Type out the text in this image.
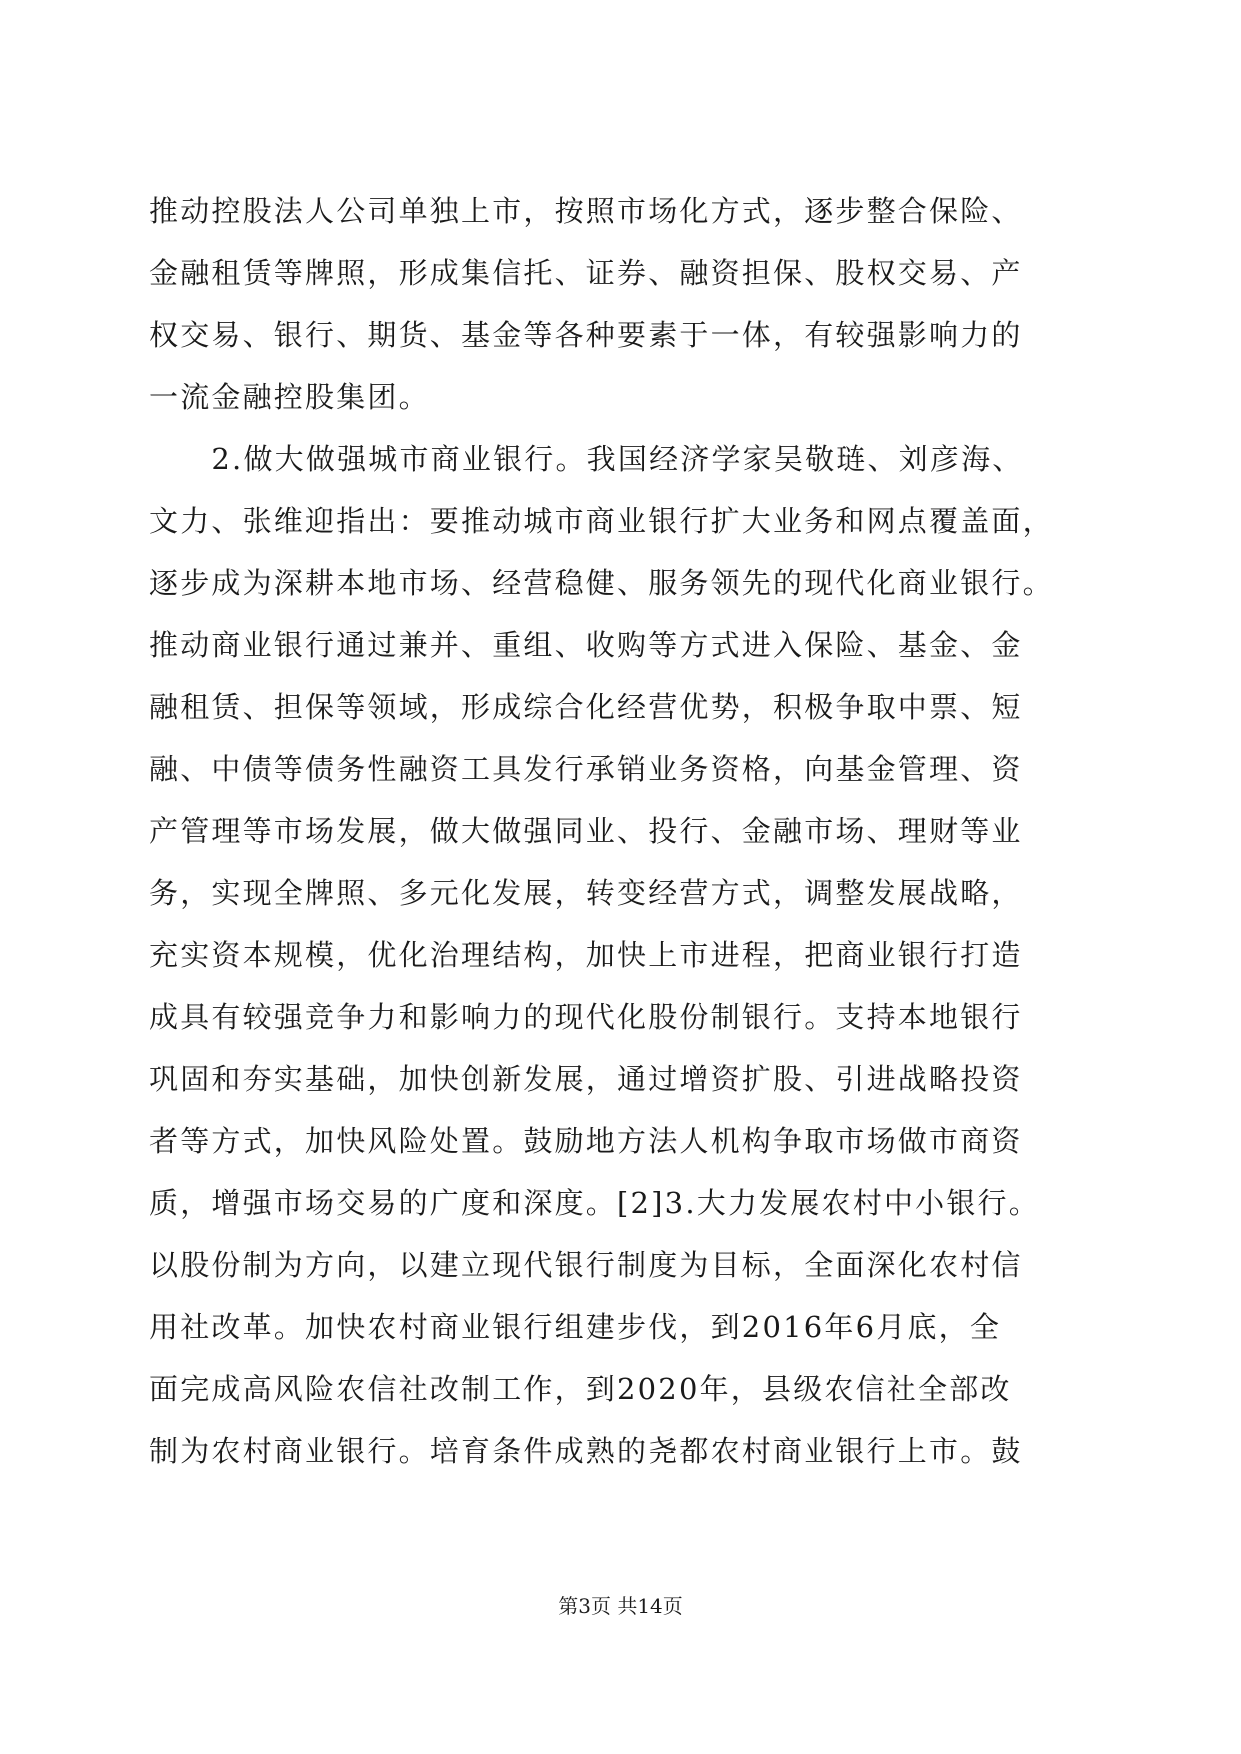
推动控股法人公司单独上市，按照市场化方式，逐步整合保险、
金融租赁等牌照，形成集信托、证券、融资担保、股权交易、产
权交易、银行、期货、基金等各种要素于一体，有较强影响力的
一流金融控股集团。
　　2.做大做强城市商业银行。我国经济学家吴敬琏、刘彦海、
文力、张维迎指出：要推动城市商业银行扩大业务和网点覆盖面，
逐步成为深耕本地市场、经营稳健、服务领先的现代化商业银行。
推动商业银行通过兼并、重组、收购等方式进入保险、基金、金
融租赁、担保等领域，形成综合化经营优势，积极争取中票、短
融、中债等债务性融资工具发行承销业务资格，向基金管理、资
产管理等市场发展，做大做强同业、投行、金融市场、理财等业
务，实现全牌照、多元化发展，转变经营方式，调整发展战略，
充实资本规模，优化治理结构，加快上市进程，把商业银行打造
成具有较强竞争力和影响力的现代化股份制银行。支持本地银行
巩固和夯实基础，加快创新发展，通过增资扩股、引进战略投资
者等方式，加快风险处置。鼓励地方法人机构争取市场做市商资
质，增强市场交易的广度和深度。[2]3.大力发展农村中小银行。
以股份制为方向，以建立现代银行制度为目标，全面深化农村信
用社改革。加快农村商业银行组建步伐，到2016年6月底，全
面完成高风险农信社改制工作，到2020年，县级农信社全部改
制为农村商业银行。培育条件成熟的尧都农村商业银行上市。鼓
第3页 共14页
